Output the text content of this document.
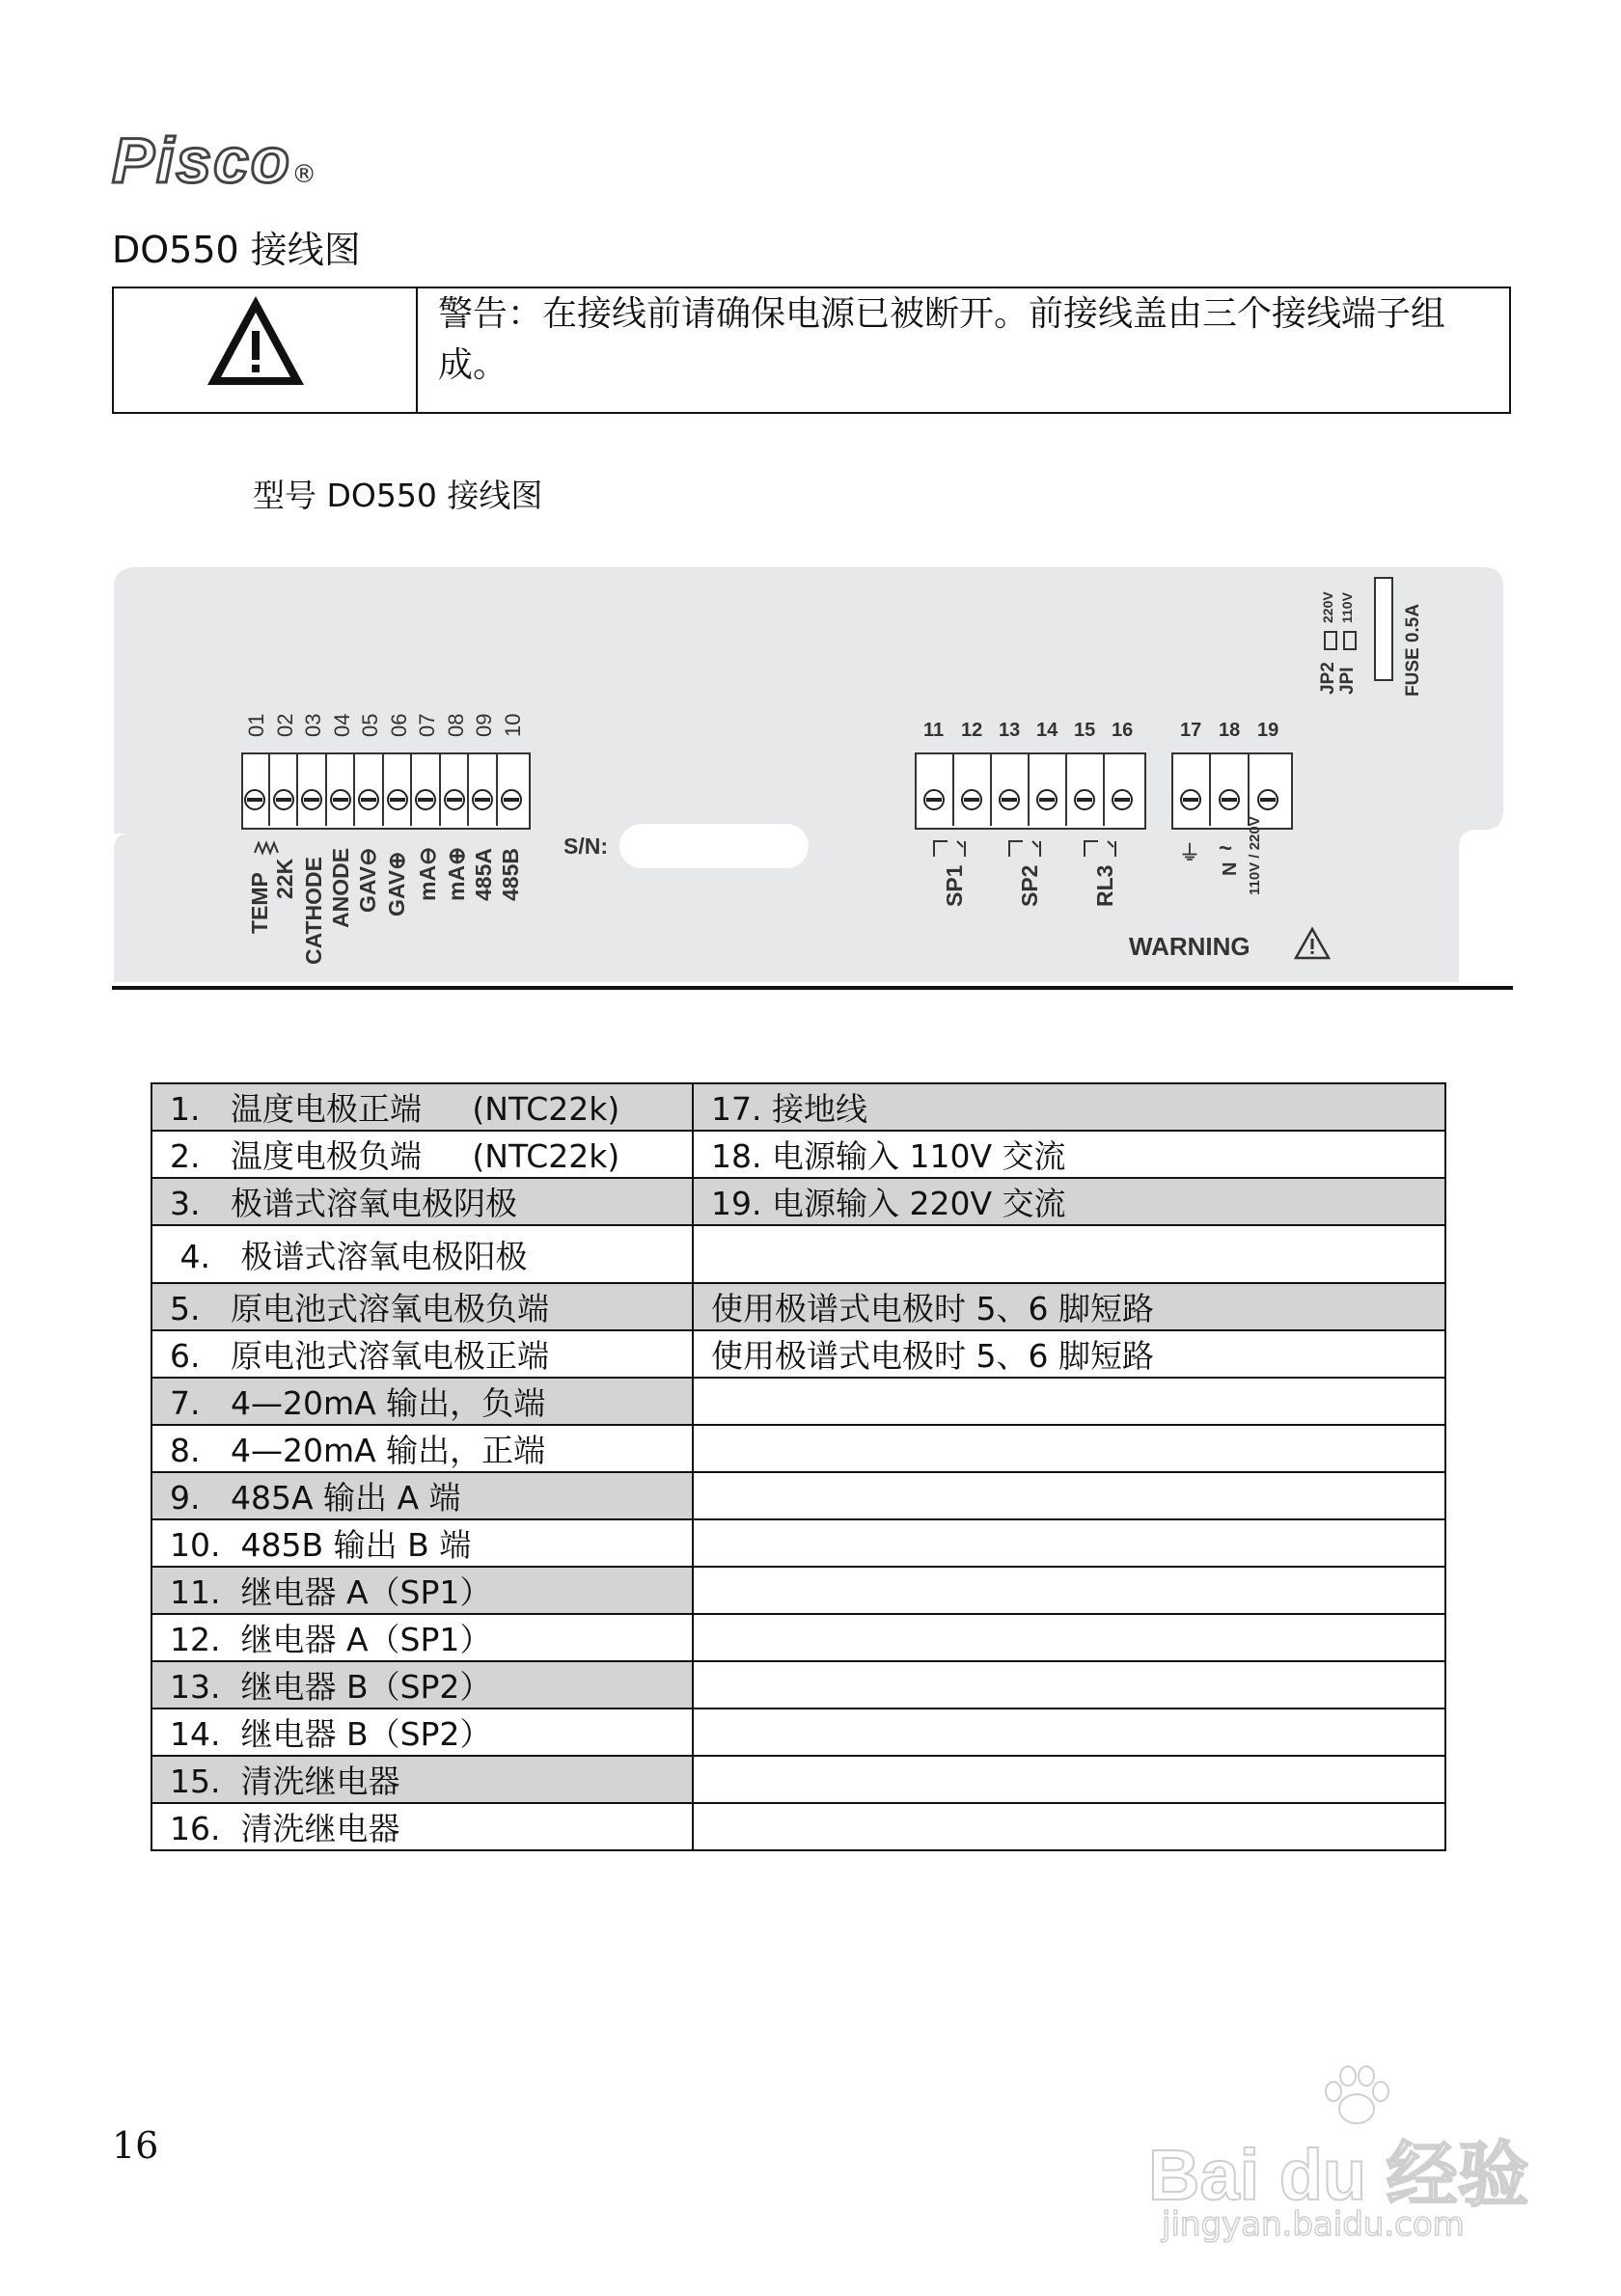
Pisco®
DO550 接线图
警告：在接线前请确保电源已被断开。前接线盖由三个接线端子组成。
型号 DO550 接线图
JP2 JPI
220V 110V	FUSE 0.5A
01 02 03 04 05 06 07 08 09 10
TEMP 22K CATHODE ANODE GAV⊖ GAV⊕ mA⊖ mA⊕ 485A 485B
S/N:
11 12 13 14 15 16
SP1 SP2 RL3
17 18 19
⏚ ~
N 110V / 220V
WARNING
1.   温度电极正端     (NTC22k)	17. 接地线
2.   温度电极负端     (NTC22k)	18. 电源输入 110V 交流
3.   极谱式溶氧电极阴极	19. 电源输入 220V 交流
4.   极谱式溶氧电极阳极	
5.   原电池式溶氧电极负端	使用极谱式电极时 5、6 脚短路
6.   原电池式溶氧电极正端	使用极谱式电极时 5、6 脚短路
7.   4—20mA 输出，负端	
8.   4—20mA 输出，正端	
9.   485A 输出 A 端	
10.  485B 输出 B 端	
11.  继电器 A（SP1）	
12.  继电器 A（SP1）	
13.  继电器 B（SP2）	
14.  继电器 B（SP2）	
15.  清洗继电器	
16.  清洗继电器	
16	Bai du 经验
jingyan.baidu.com
